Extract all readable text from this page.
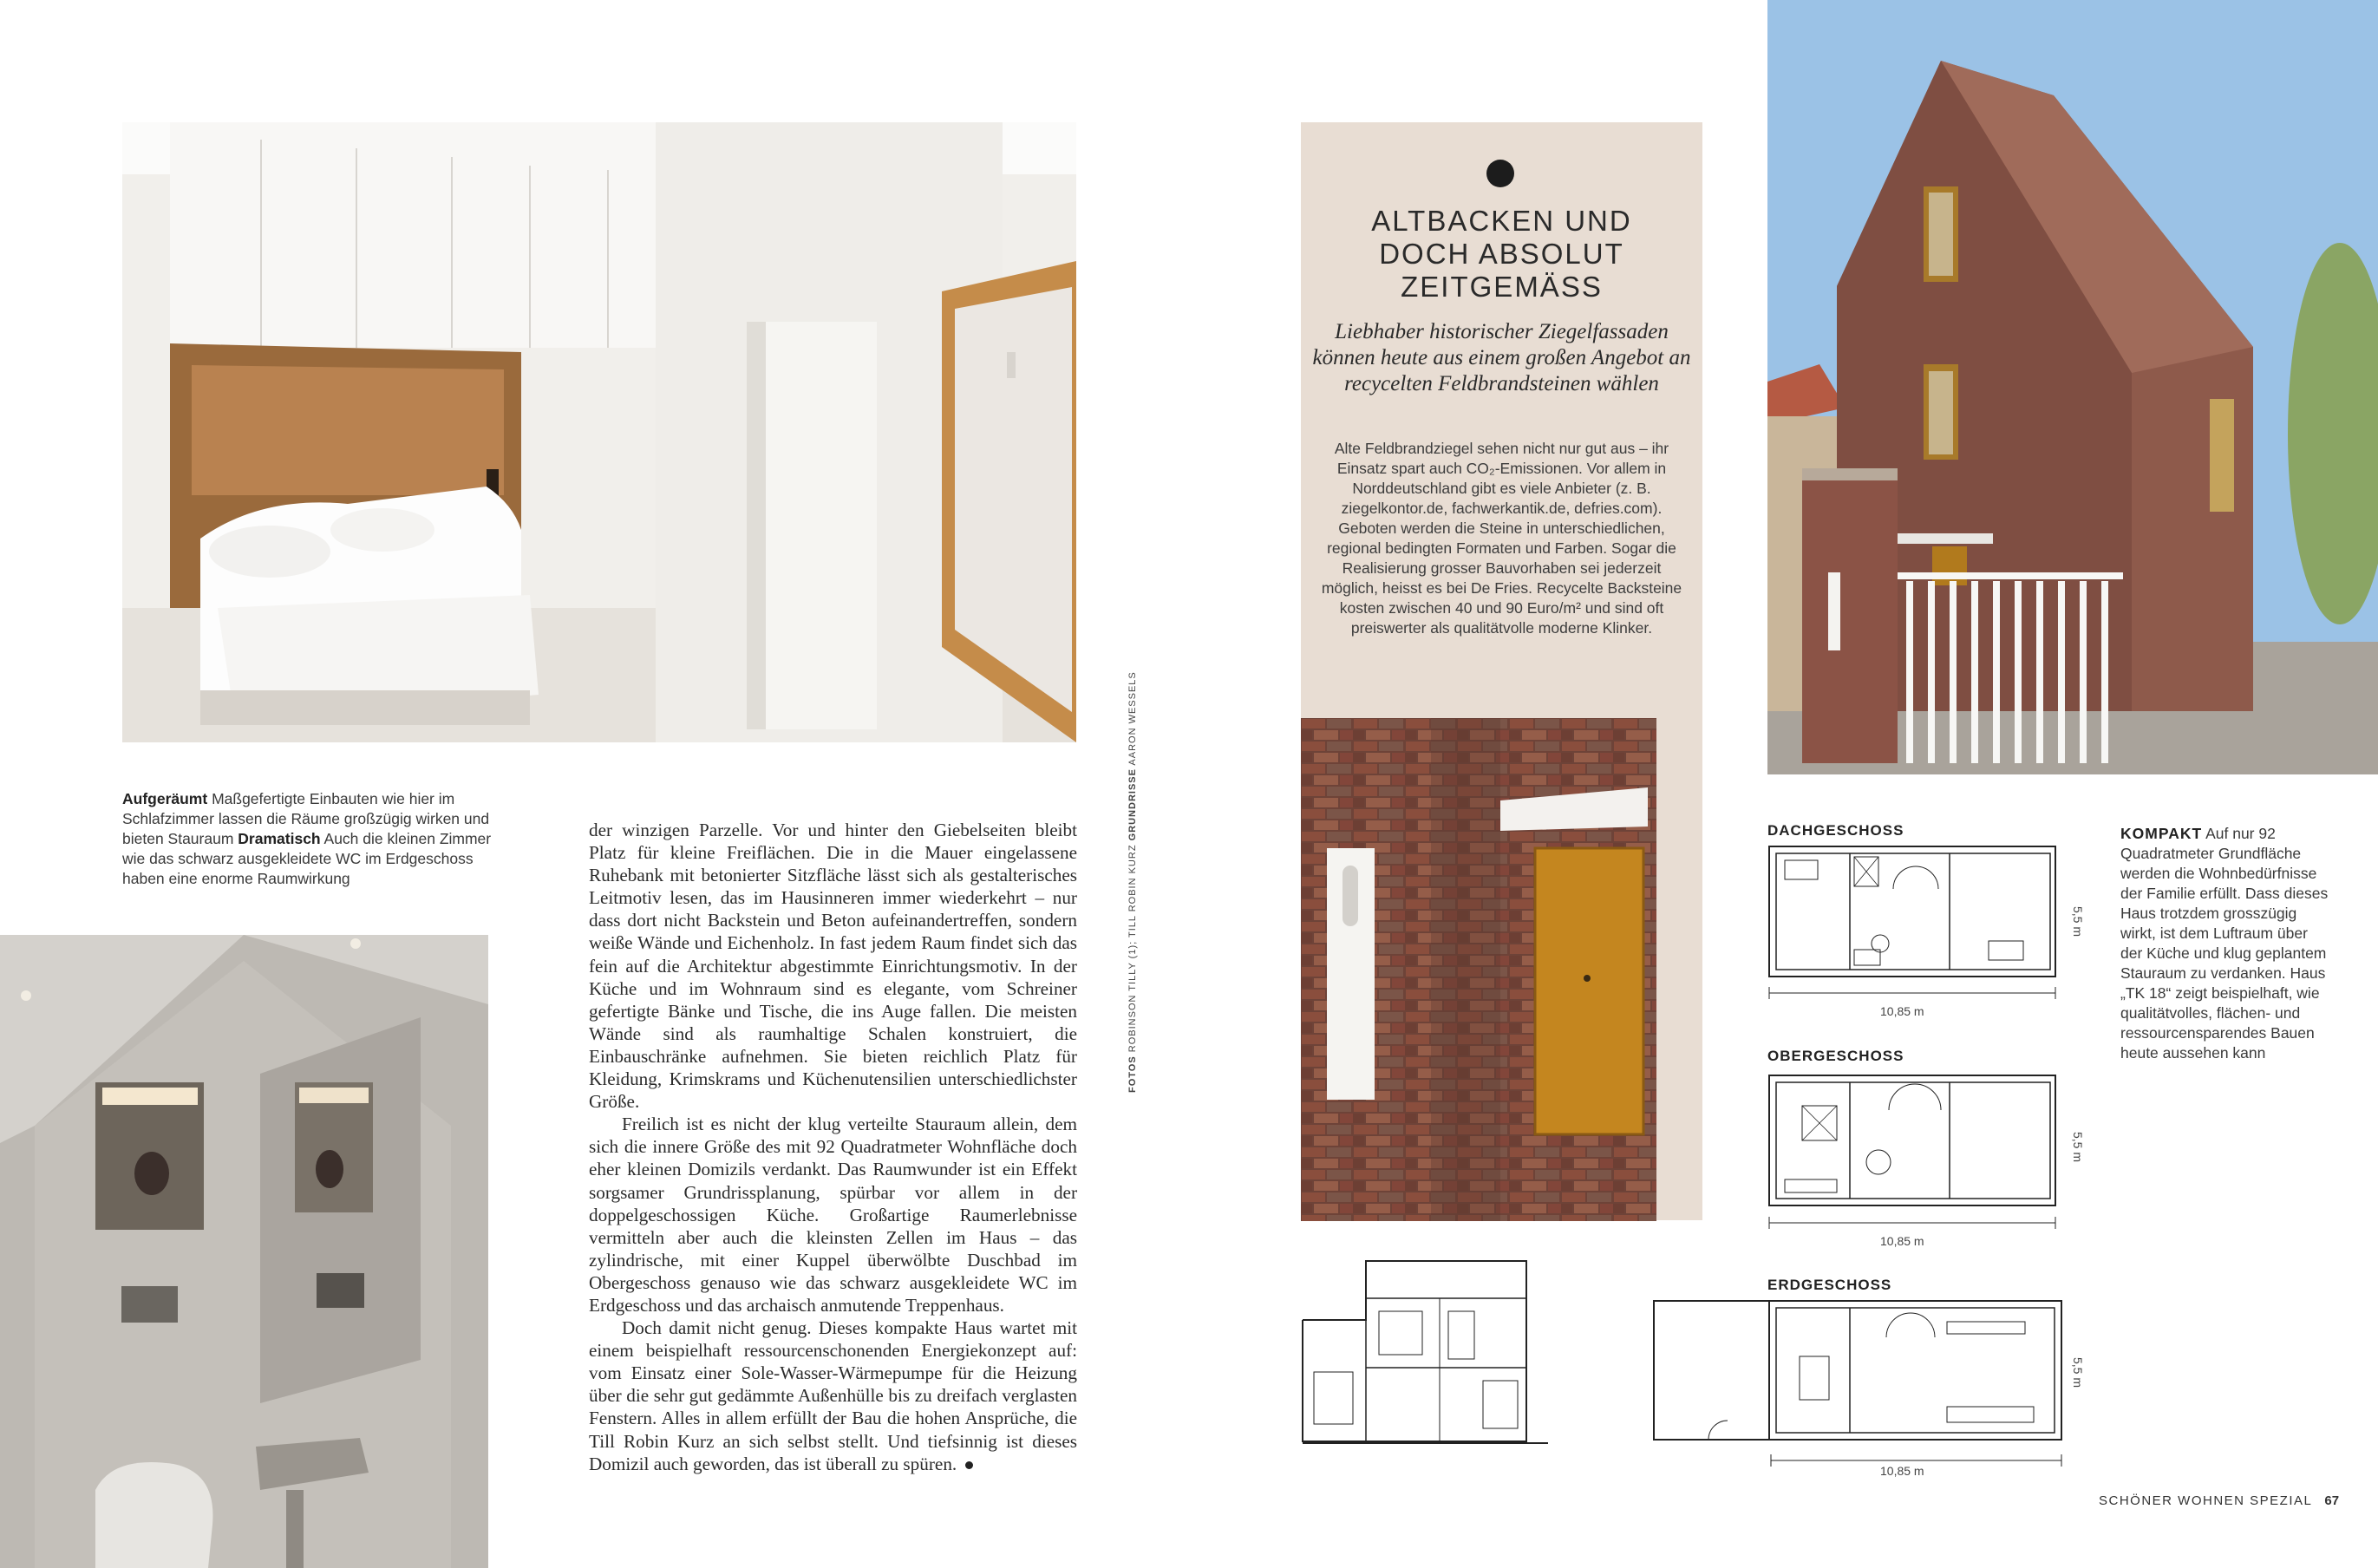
Aufgeräumt Maßgefertigte Einbauten wie hier im Schlafzimmer lassen die Räume großzügig wirken und bieten Stauraum Dramatisch Auch die kleinen Zimmer wie das schwarz ausgekleidete WC im Erdgeschoss haben eine enorme Raumwirkung

der winzigen Parzelle. Vor und hinter den Giebelseiten bleibt Platz für kleine Freiflächen. Die in die Mauer eingelassene Ruhebank mit betonierter Sitzfläche lässt sich als gestalterisches Leitmotiv lesen, das im Hausinneren immer wiederkehrt – nur dass dort nicht Backstein und Beton aufeinandertreffen, sondern weiße Wände und Eichenholz. In fast jedem Raum findet sich das fein auf die Architektur abgestimmte Einrichtungsmotiv. In der Küche und im Wohnraum sind es elegante, vom Schreiner gefertigte Bänke und Tische, die ins Auge fallen. Die meisten Wände sind als raumhaltige Schalen konstruiert, die Einbauschränke aufnehmen. Sie bieten reichlich Platz für Kleidung, Krimskrams und Küchenutensilien unterschiedlichster Größe.

Freilich ist es nicht der klug verteilte Stauraum allein, dem sich die innere Größe des mit 92 Quadratmeter Wohnfläche doch eher kleinen Domizils verdankt. Das Raumwunder ist ein Effekt sorgsamer Grundrissplanung, spürbar vor allem in der doppelgeschossigen Küche. Großartige Raumerlebnisse vermitteln aber auch die kleinsten Zellen im Haus – das zylindrische, mit einer Kuppel überwölbte Duschbad im Obergeschoss genauso wie das schwarz ausgekleidete WC im Erdgeschoss und das archaisch anmutende Treppenhaus.

Doch damit nicht genug. Dieses kompakte Haus wartet mit einem beispielhaft ressourcenschonenden Energiekonzept auf: vom Einsatz einer Sole-Wasser-Wärmepumpe für die Heizung über die sehr gut gedämmte Außenhülle bis zu dreifach verglasten Fenstern. Alles in allem erfüllt der Bau die hohen Ansprüche, die Till Robin Kurz an sich selbst stellt. Und tiefsinnig ist dieses Domizil auch geworden, das ist überall zu spüren.

FOTOS ROBINSON TILLY (1); TILL ROBIN KURZ GRUNDRISSE AARON WESSELS
ALTBACKEN UND
DOCH ABSOLUT
ZEITGEMÄSS
Liebhaber historischer Ziegelfassaden können heute aus einem großen Angebot an recycelten Feldbrandsteinen wählen
Alte Feldbrandziegel sehen nicht nur gut aus – ihr Einsatz spart auch CO₂-Emissionen. Vor allem in Norddeutschland gibt es viele Anbieter (z. B. ziegelkontor.de, fachwerkantik.de, defries.com). Geboten werden die Steine in unterschiedlichen, regional bedingten Formaten und Farben. Sogar die Realisierung grosser Bauvorhaben sei jederzeit möglich, heisst es bei De Fries. Recycelte Backsteine kosten zwischen 40 und 90 Euro/m² und sind oft preiswerter als qualitätvolle moderne Klinker.
DACHGESCHOSS
10,85 m
5,5 m
OBERGESCHOSS
10,85 m
5,5 m
ERDGESCHOSS
10,85 m
5,5 m
KOMPAKT Auf nur 92 Quadratmeter Grundfläche werden die Wohnbedürfnisse der Familie erfüllt. Dass dieses Haus trotzdem grosszügig wirkt, ist dem Luftraum über der Küche und klug geplantem Stauraum zu verdanken. Haus „TK 18“ zeigt beispielhaft, wie qualitätvolles, flächen- und ressourcensparendes Bauen heute aussehen kann
SCHÖNER WOHNEN SPEZIAL 67
